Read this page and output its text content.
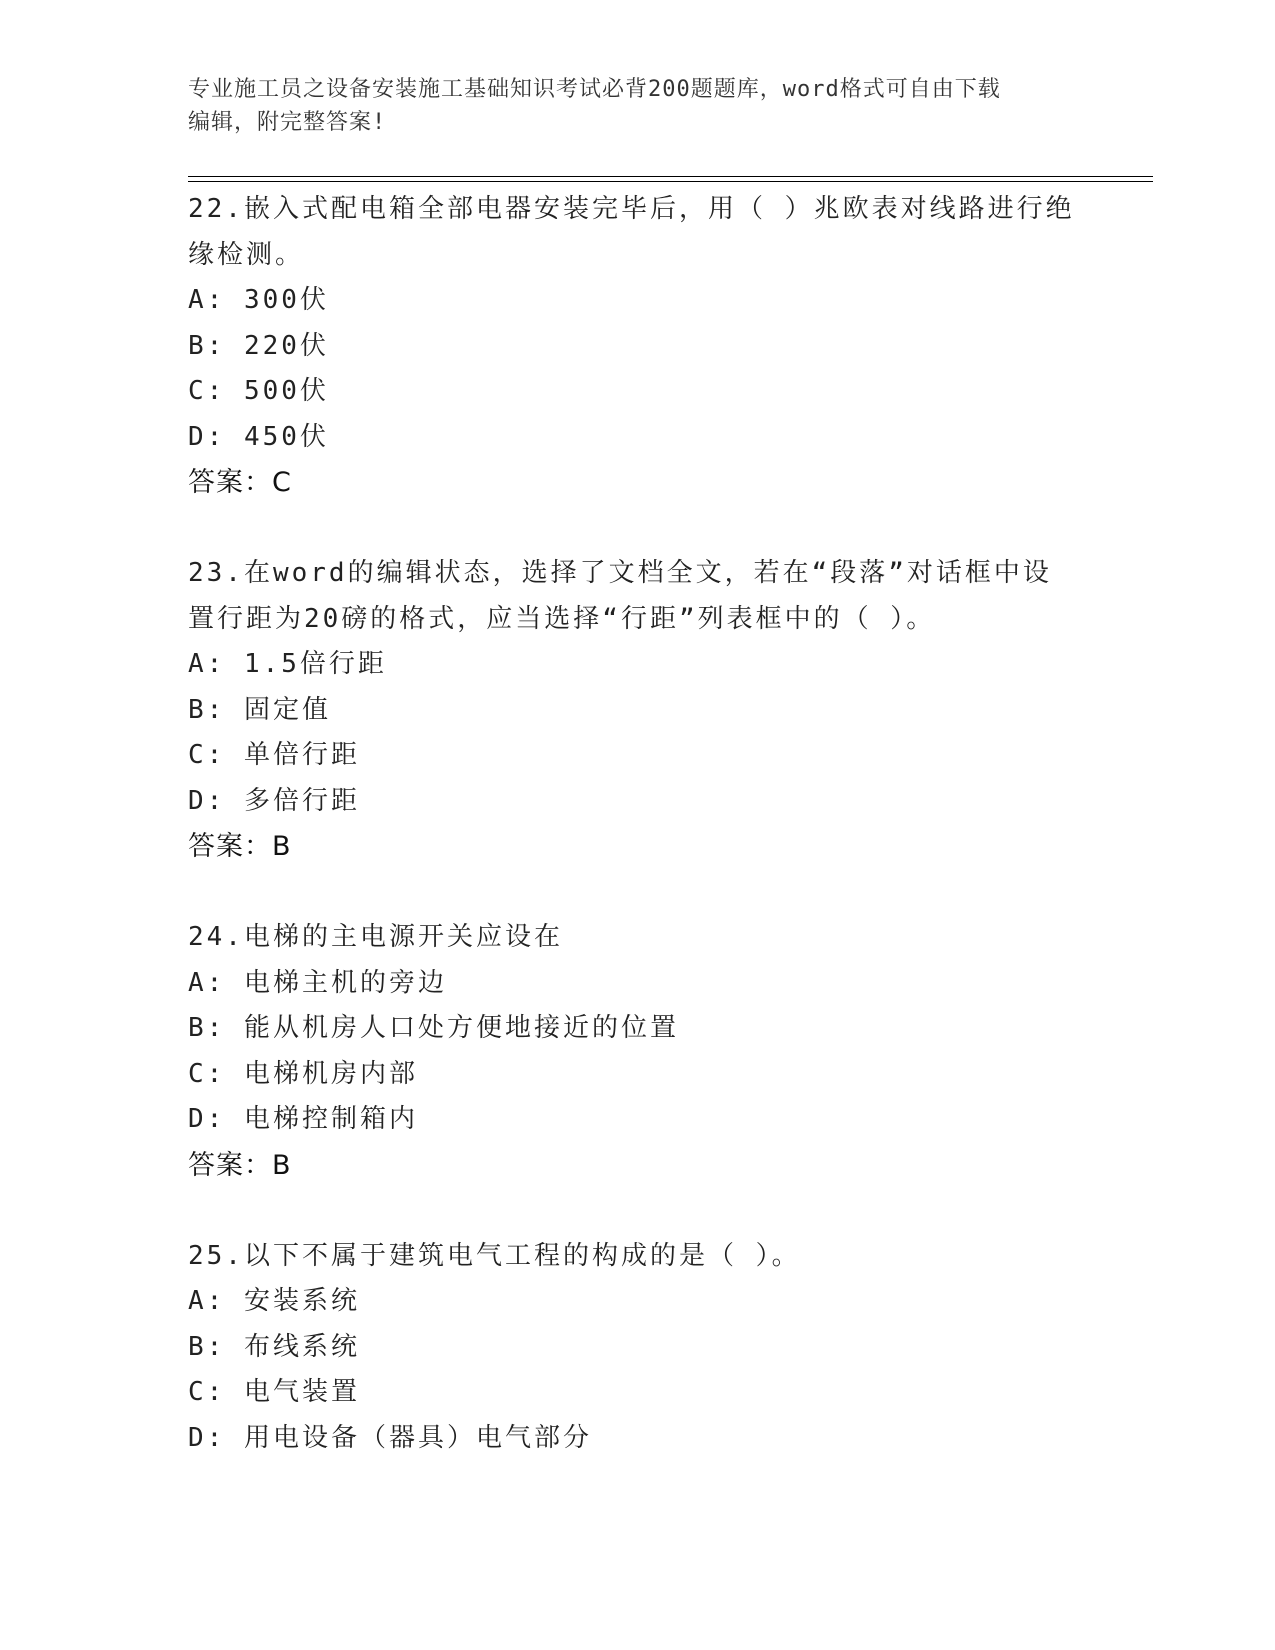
专业施工员之设备安装施工基础知识考试必背200题题库，word格式可自由下载
编辑，附完整答案!
22.嵌入式配电箱全部电器安装完毕后，用（ ）兆欧表对线路进行绝
缘检测。
A: 300伏
B: 220伏
C: 500伏
D: 450伏
答案：C
23.在word的编辑状态，选择了文档全文，若在“段落”对话框中设
置行距为20磅的格式，应当选择“行距”列表框中的（ ）。
A: 1.5倍行距
B: 固定值
C: 单倍行距
D: 多倍行距
答案：B
24.电梯的主电源开关应设在
A: 电梯主机的旁边
B: 能从机房人口处方便地接近的位置
C: 电梯机房内部
D: 电梯控制箱内
答案：B
25.以下不属于建筑电气工程的构成的是（ ）。
A: 安装系统
B: 布线系统
C: 电气装置
D: 用电设备（器具）电气部分
